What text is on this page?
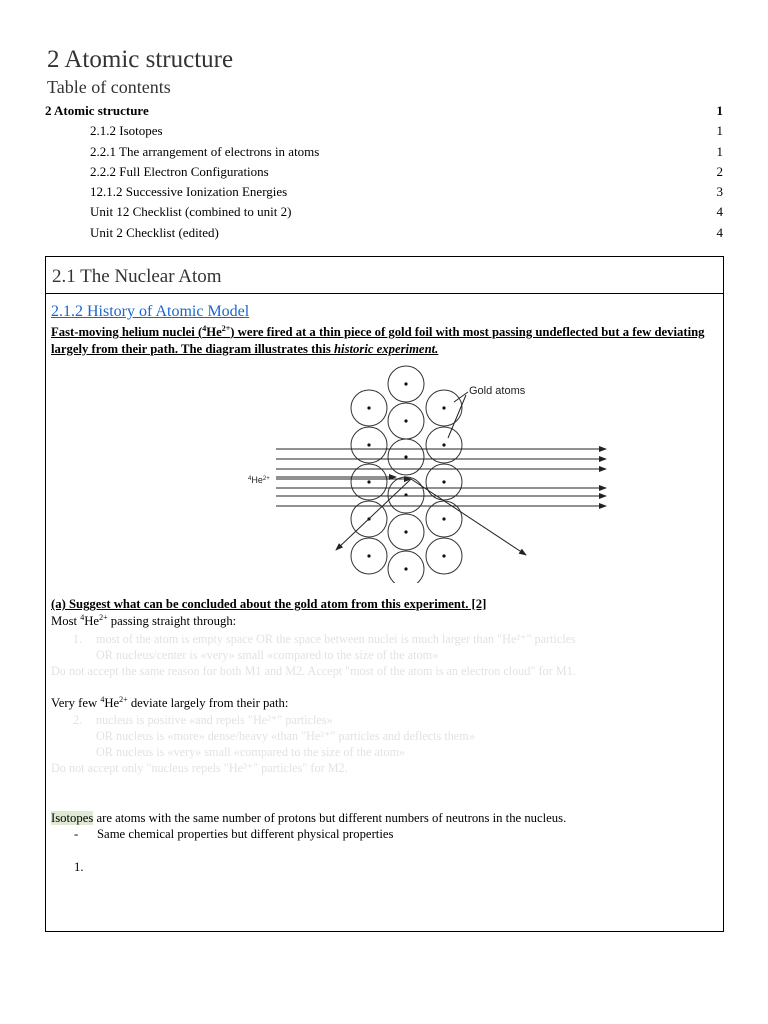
2 Atomic structure
Table of contents
2 Atomic structure	1
2.1.2 Isotopes	1
2.2.1 The arrangement of electrons in atoms	1
2.2.2 Full Electron Configurations	2
12.1.2 Successive Ionization Energies	3
Unit 12 Checklist (combined to unit 2)	4
Unit 2 Checklist (edited)	4
2.1 The Nuclear Atom
2.1.2 History of Atomic Model
Fast-moving helium nuclei $(^4He^{2+})$ were fired at a thin piece of gold foil with most passing undeflected but a few deviating largely from their path. The diagram illustrates this historic experiment.
Gold atoms
$^4He^{2+}$
(a) Suggest what can be concluded about the gold atom from this experiment. [2]
Most $^4He^{2+}$ passing straight through:
1. most of the atom is empty space OR the space between nuclei is much larger than "He²⁺" particles
OR nucleus/center is «very» small «compared to the size of the atom»
Do not accept the same reason for both M1 and M2. Accept "most of the atom is an electron cloud" for M1.
Very few $^4He^{2+}$ deviate largely from their path:
2. nucleus is positive «and repels "He²⁺" particles»
OR nucleus is «more» dense/heavy «than "He²⁺" particles and deflects them»
OR nucleus is «very» small «compared to the size of the atom»
Do not accept only "nucleus repels "He²⁺" particles" for M2.
Isotopes are atoms with the same number of protons but different numbers of neutrons in the nucleus.
- Same chemical properties but different physical properties
1.
